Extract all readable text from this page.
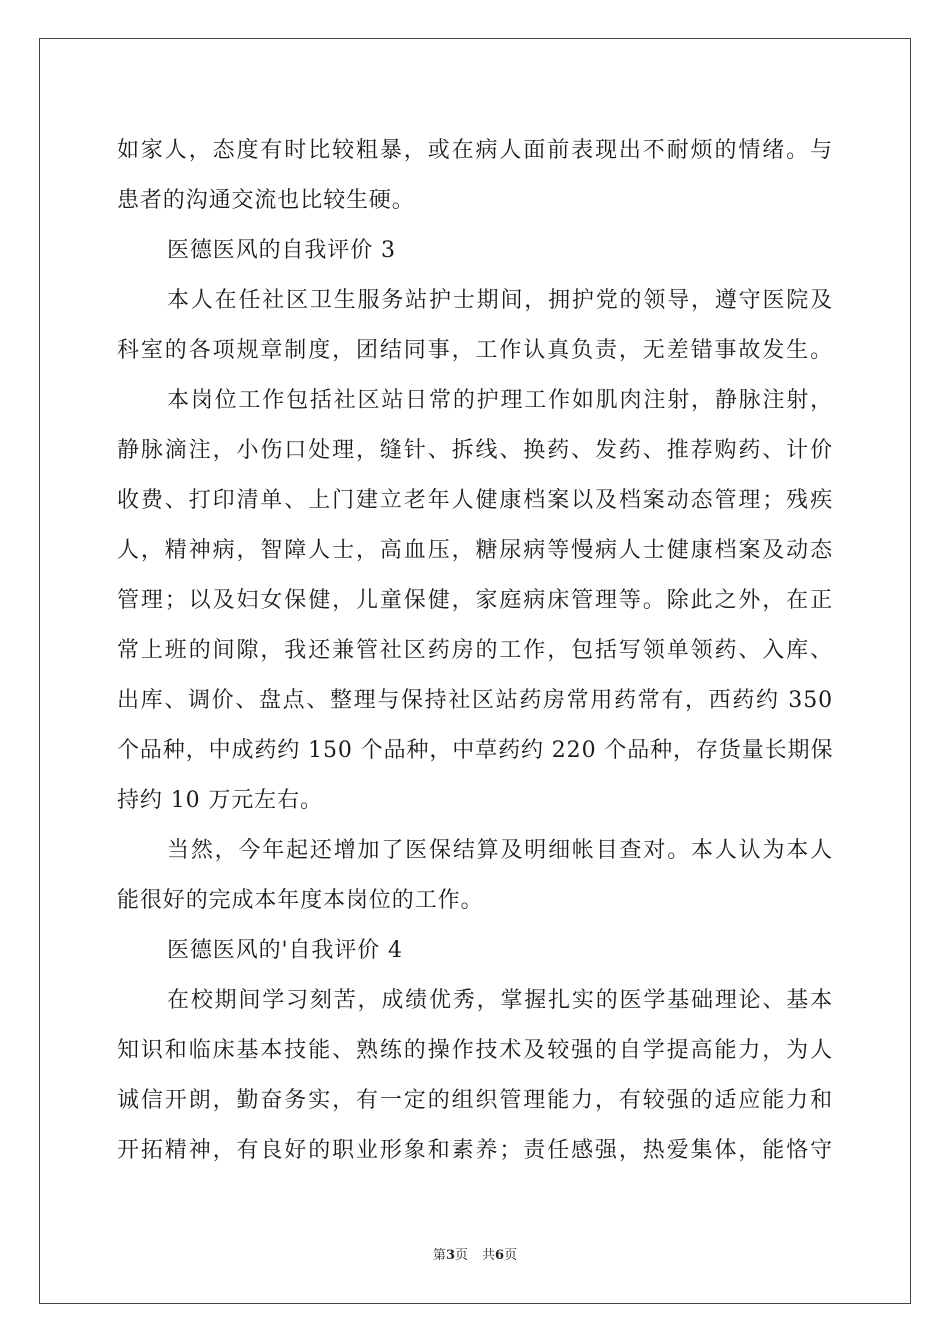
如家人，态度有时比较粗暴，或在病人面前表现出不耐烦的情绪。与
患者的沟通交流也比较生硬。
医德医风的自我评价 3
本人在任社区卫生服务站护士期间，拥护党的领导，遵守医院及
科室的各项规章制度，团结同事，工作认真负责，无差错事故发生。
本岗位工作包括社区站日常的护理工作如肌肉注射，静脉注射，
静脉滴注，小伤口处理，缝针、拆线、换药、发药、推荐购药、计价
收费、打印清单、上门建立老年人健康档案以及档案动态管理；残疾
人，精神病，智障人士，高血压，糖尿病等慢病人士健康档案及动态
管理；以及妇女保健，儿童保健，家庭病床管理等。除此之外，在正
常上班的间隙，我还兼管社区药房的工作，包括写领单领药、入库、
出库、调价、盘点、整理与保持社区站药房常用药常有，西药约 350
个品种，中成药约 150 个品种，中草药约 220 个品种，存货量长期保
持约 10 万元左右。
当然，今年起还增加了医保结算及明细帐目查对。本人认为本人
能很好的完成本年度本岗位的工作。
医德医风的'自我评价 4
在校期间学习刻苦，成绩优秀，掌握扎实的医学基础理论、基本
知识和临床基本技能、熟练的操作技术及较强的自学提高能力，为人
诚信开朗，勤奋务实，有一定的组织管理能力，有较强的适应能力和
开拓精神，有良好的职业形象和素养；责任感强，热爱集体，能恪守
第3页 共6页
